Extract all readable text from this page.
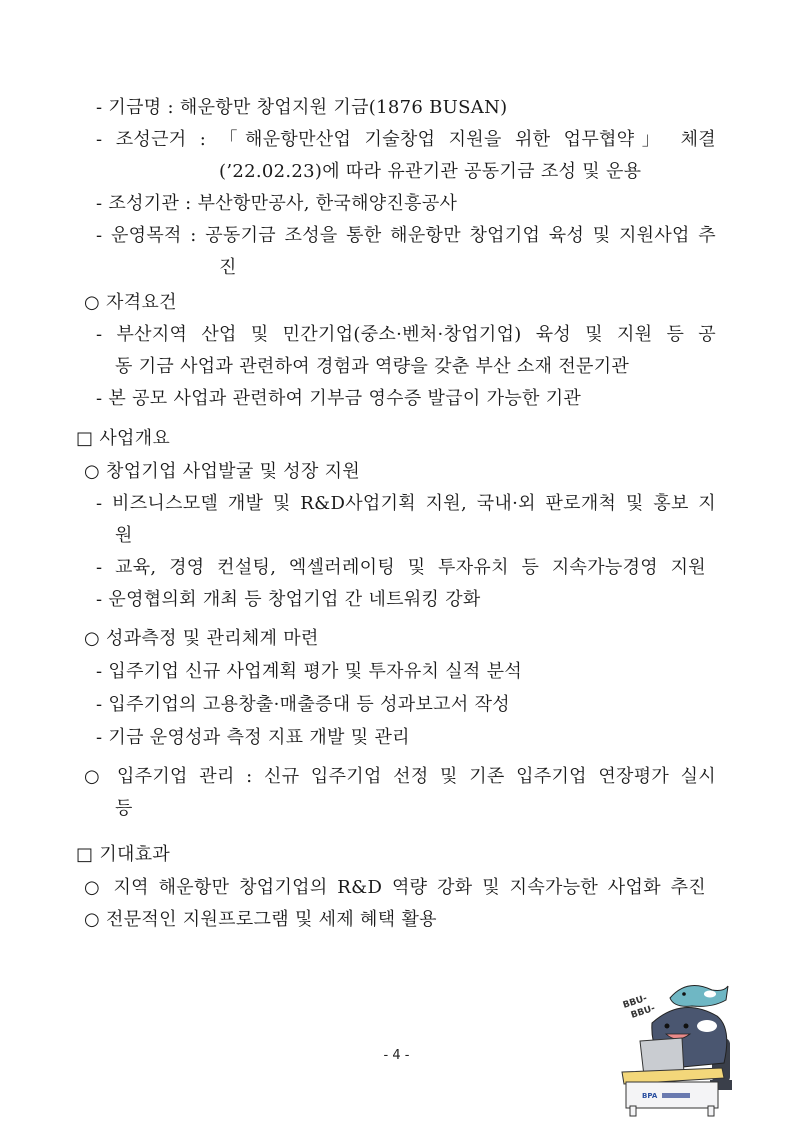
- 기금명 : 해운항만 창업지원 기금(1876 BUSAN)
- 조성근거 : 「해운항만산업 기술창업 지원을 위한 업무협약」 체결
(’22.02.23)에 따라 유관기관 공동기금 조성 및 운용
- 조성기관 : 부산항만공사, 한국해양진흥공사
- 운영목적 : 공동기금 조성을 통한 해운항만 창업기업 육성 및 지원사업 추
진
○ 자격요건
- 부산지역 산업 및 민간기업(중소·벤처·창업기업) 육성 및 지원 등 공
동 기금 사업과 관련하여 경험과 역량을 갖춘 부산 소재 전문기관
- 본 공모 사업과 관련하여 기부금 영수증 발급이 가능한 기관
□ 사업개요
○ 창업기업 사업발굴 및 성장 지원
- 비즈니스모델 개발 및 R&D사업기획 지원, 국내·외 판로개척 및 홍보 지
원
- 교육, 경영 컨설팅, 엑셀러레이팅 및 투자유치 등 지속가능경영 지원
- 운영협의회 개최 등 창업기업 간 네트워킹 강화
○ 성과측정 및 관리체계 마련
- 입주기업 신규 사업계획 평가 및 투자유치 실적 분석
- 입주기업의 고용창출·매출증대 등 성과보고서 작성
- 기금 운영성과 측정 지표 개발 및 관리
○ 입주기업 관리 : 신규 입주기업 선정 및 기존 입주기업 연장평가 실시
등
□ 기대효과
○ 지역 해운항만 창업기업의 R&D 역량 강화 및 지속가능한 사업화 추진
○ 전문적인 지원프로그램 및 세제 혜택 활용
- 4 -
BBU-
BBU-
BPA
